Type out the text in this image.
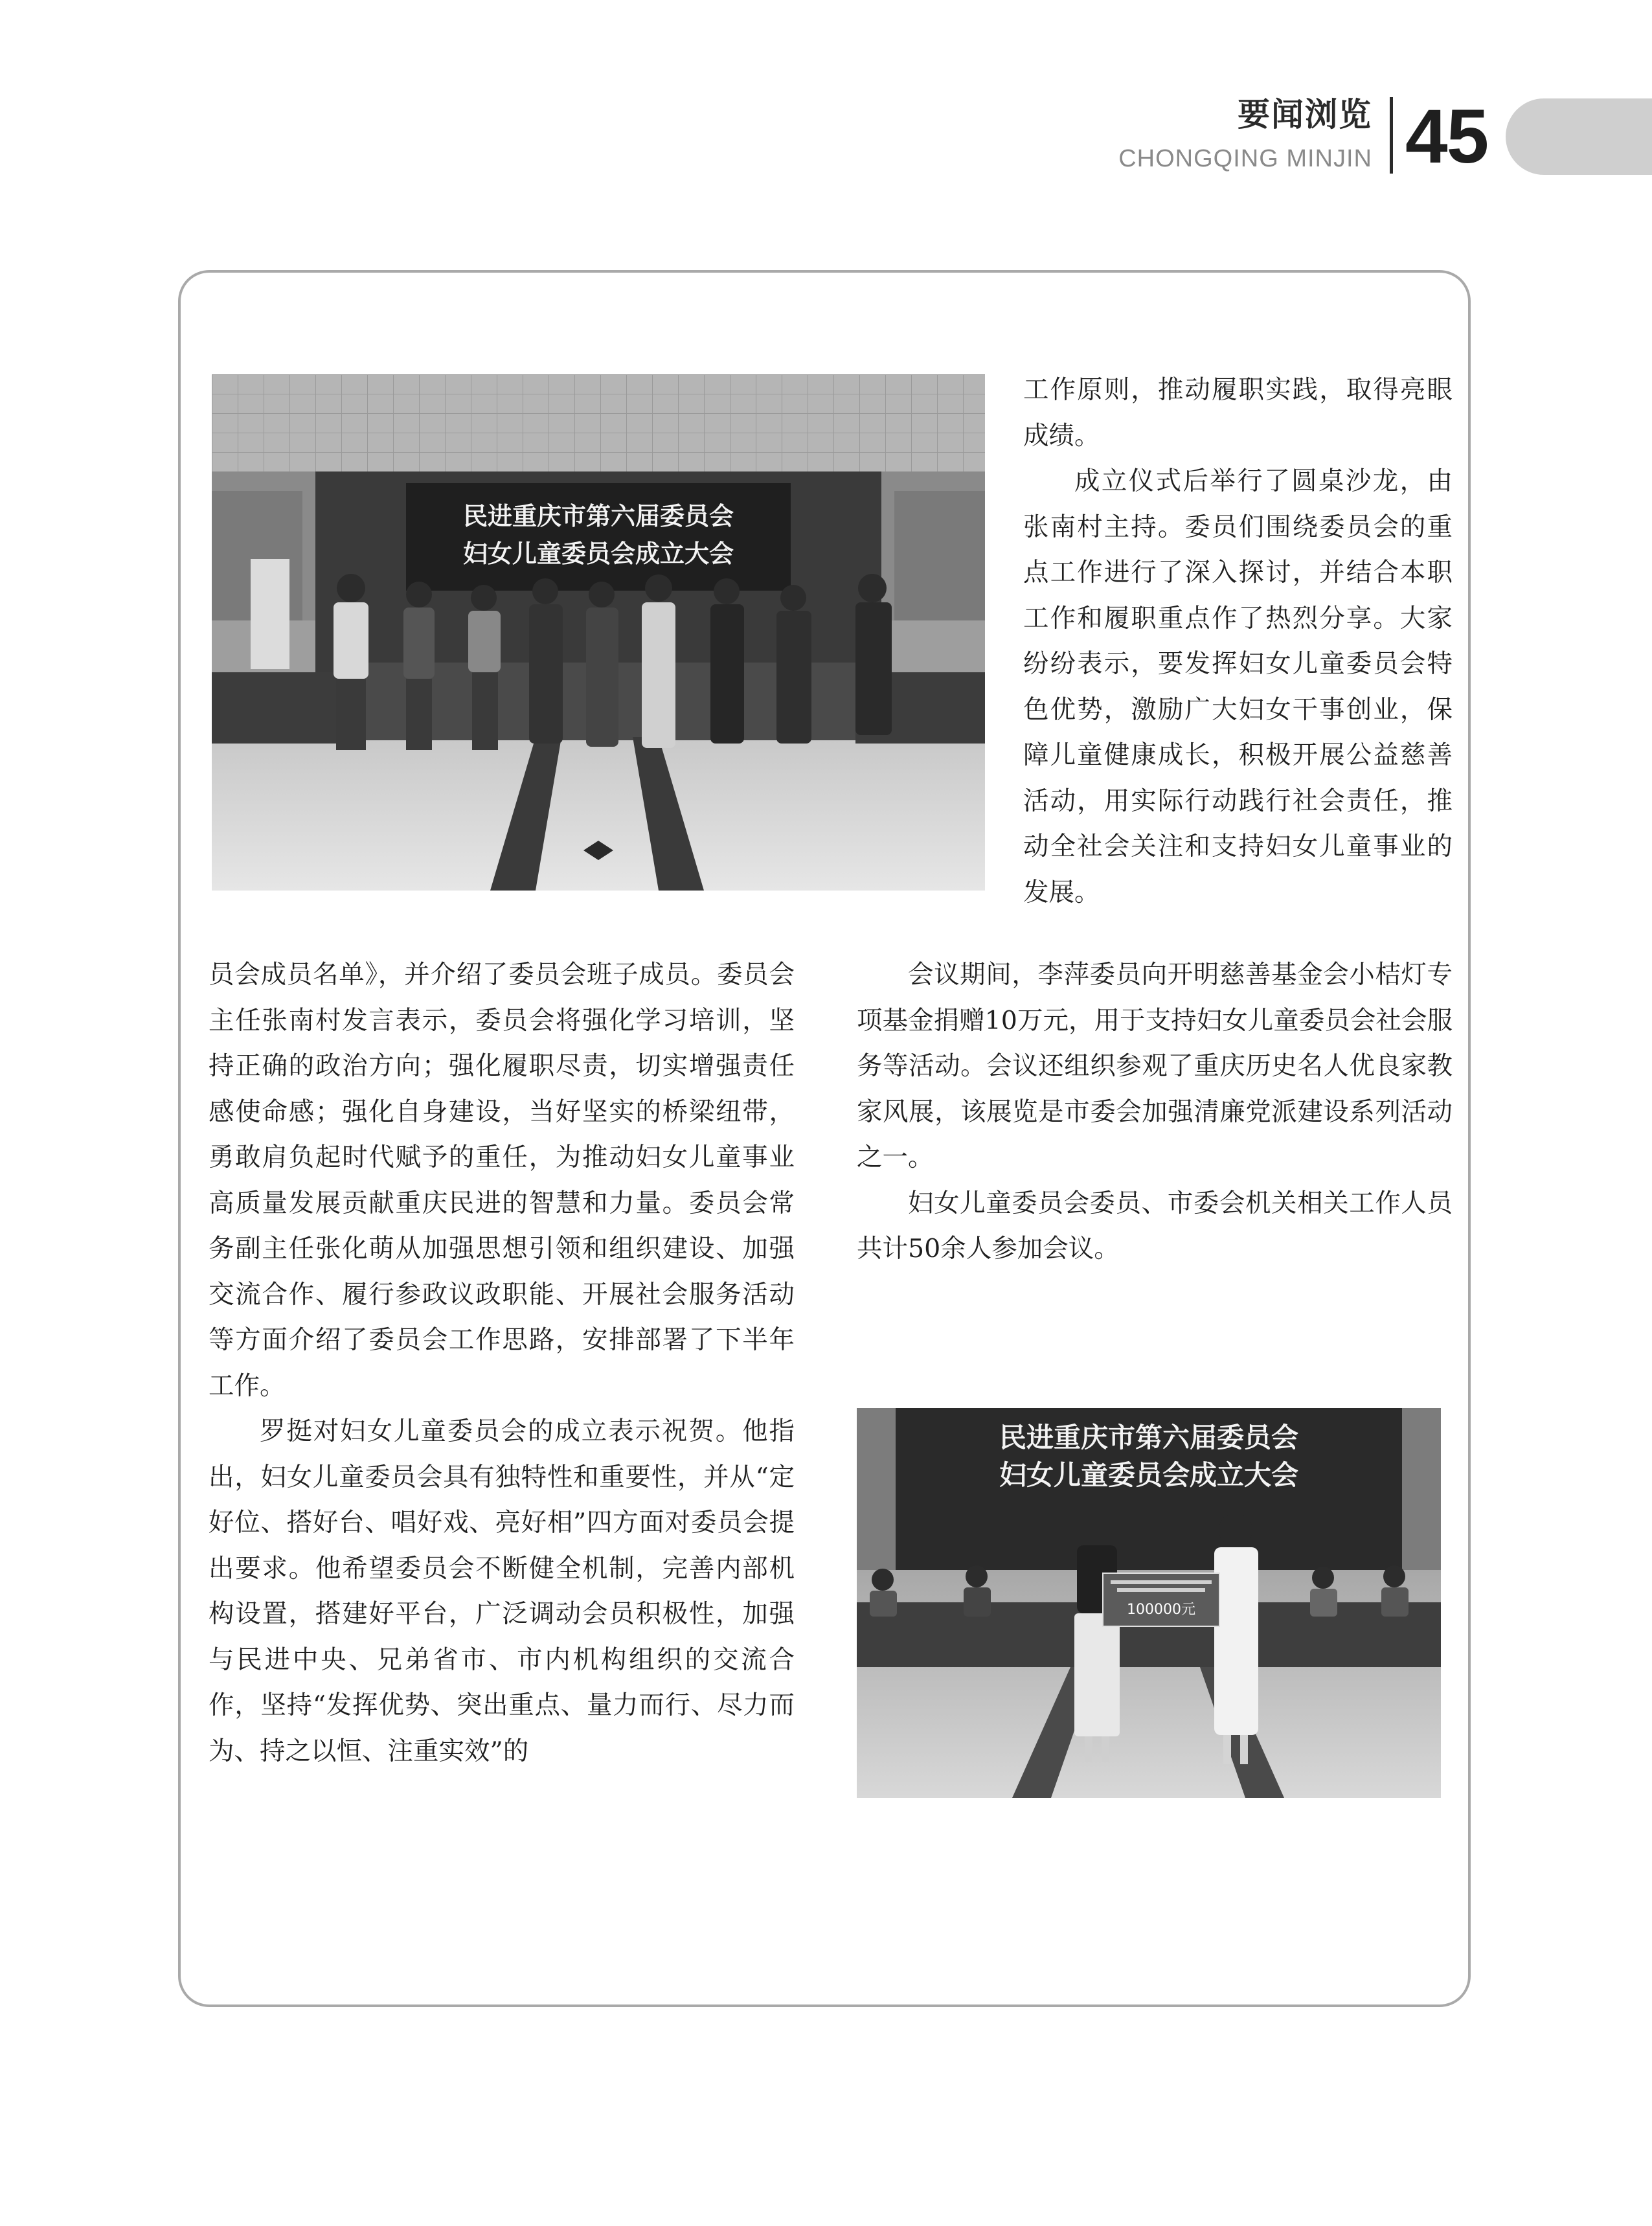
要闻浏览
CHONGQING MINJIN 45
民进重庆市第六届委员会
妇女儿童委员会成立大会

工作原则，推动履职实践，取得亮眼成绩。

成立仪式后举行了圆桌沙龙，由张南村主持。委员们围绕委员会的重点工作进行了深入探讨，并结合本职工作和履职重点作了热烈分享。大家纷纷表示，要发挥妇女儿童委员会特色优势，激励广大妇女干事创业，保障儿童健康成长，积极开展公益慈善活动，用实际行动践行社会责任，推动全社会关注和支持妇女儿童事业的发展。

员会成员名单》，并介绍了委员会班子成员。委员会主任张南村发言表示，委员会将强化学习培训，坚持正确的政治方向；强化履职尽责，切实增强责任感使命感；强化自身建设，当好坚实的桥梁纽带，勇敢肩负起时代赋予的重任，为推动妇女儿童事业高质量发展贡献重庆民进的智慧和力量。委员会常务副主任张化萌从加强思想引领和组织建设、加强交流合作、履行参政议政职能、开展社会服务活动等方面介绍了委员会工作思路，安排部署了下半年工作。

罗挺对妇女儿童委员会的成立表示祝贺。他指出，妇女儿童委员会具有独特性和重要性，并从“定好位、搭好台、唱好戏、亮好相”四方面对委员会提出要求。他希望委员会不断健全机制，完善内部机构设置，搭建好平台，广泛调动会员积极性，加强与民进中央、兄弟省市、市内机构组织的交流合作，坚持“发挥优势、突出重点、量力而行、尽力而为、持之以恒、注重实效”的

会议期间，李萍委员向开明慈善基金会小桔灯专项基金捐赠10万元，用于支持妇女儿童委员会社会服务等活动。会议还组织参观了重庆历史名人优良家教家风展，该展览是市委会加强清廉党派建设系列活动之一。

妇女儿童委员会委员、市委会机关相关工作人员共计50余人参加会议。

民进重庆市第六届委员会
妇女儿童委员会成立大会
100000元
